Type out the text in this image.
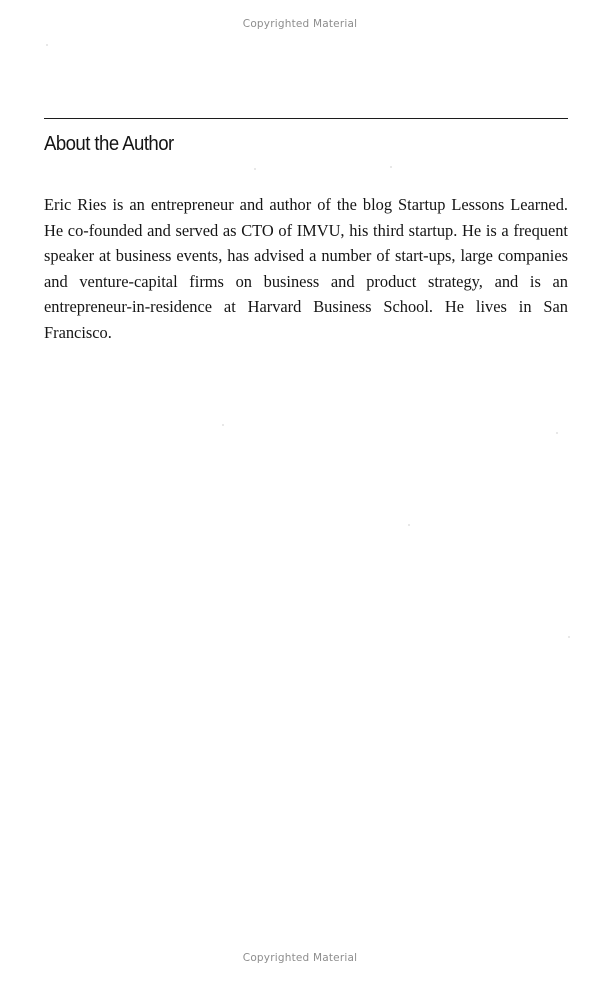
Copyrighted Material
About the Author

Eric Ries is an entrepreneur and author of the blog Startup Lessons Learned. He co-founded and served as CTO of IMVU, his third startup. He is a frequent speaker at business events, has advised a number of start-ups, large companies and venture-capital firms on business and product strategy, and is an entrepreneur-in-residence at Harvard Business School. He lives in San Francisco.

Copyrighted Material
